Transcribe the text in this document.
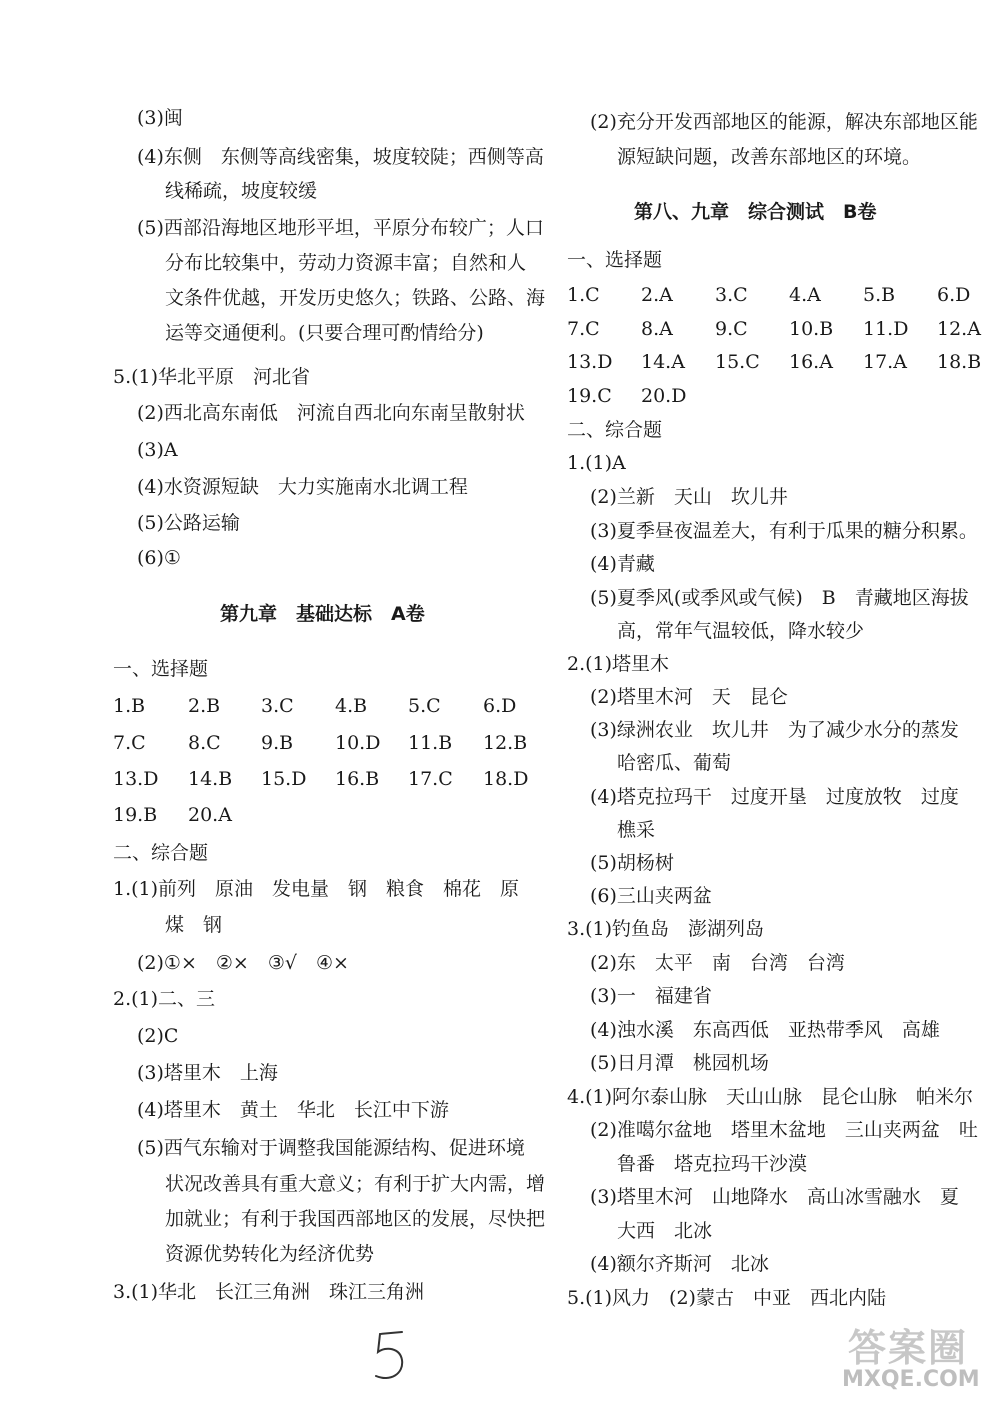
(3)闽
(4)东侧　东侧等高线密集，坡度较陡；西侧等高
线稀疏，坡度较缓
(5)西部沿海地区地形平坦，平原分布较广；人口
分布比较集中，劳动力资源丰富；自然和人
文条件优越，开发历史悠久；铁路、公路、海
运等交通便利。(只要合理可酌情给分)
5.(1)华北平原　河北省
(2)西北高东南低　河流自西北向东南呈散射状
(3)A
(4)水资源短缺　大力实施南水北调工程
(5)公路运输
(6)①
第九章　基础达标　A卷
一、选择题
1.B 2.B 3.C 4.B 5.C 6.D
7.C 8.C 9.B 10.D 11.B 12.B
13.D 14.B 15.D 16.B 17.C 18.D
19.B 20.A
二、综合题
1.(1)前列　原油　发电量　钢　粮食　棉花　原
煤　钢
(2)①×　②×　③√　④×
2.(1)二、三
(2)C
(3)塔里木　上海
(4)塔里木　黄土　华北　长江中下游
(5)西气东输对于调整我国能源结构、促进环境
状况改善具有重大意义；有利于扩大内需，增
加就业；有利于我国西部地区的发展，尽快把
资源优势转化为经济优势
3.(1)华北　长江三角洲　珠江三角洲
(2)充分开发西部地区的能源，解决东部地区能
源短缺问题，改善东部地区的环境。
第八、九章　综合测试　B卷
一、选择题
1.C 2.A 3.C 4.A 5.B 6.D
7.C 8.A 9.C 10.B 11.D 12.A
13.D 14.A 15.C 16.A 17.A 18.B
19.C 20.D
二、综合题
1.(1)A
(2)兰新　天山　坎儿井
(3)夏季昼夜温差大，有利于瓜果的糖分积累。
(4)青藏
(5)夏季风(或季风或气候)　B　青藏地区海拔
高，常年气温较低，降水较少
2.(1)塔里木
(2)塔里木河　天　昆仑
(3)绿洲农业　坎儿井　为了减少水分的蒸发
哈密瓜、葡萄
(4)塔克拉玛干　过度开垦　过度放牧　过度
樵采
(5)胡杨树
(6)三山夹两盆
3.(1)钓鱼岛　澎湖列岛
(2)东　太平　南　台湾　台湾
(3)一　福建省
(4)浊水溪　东高西低　亚热带季风　高雄
(5)日月潭　桃园机场
4.(1)阿尔泰山脉　天山山脉　昆仑山脉　帕米尔
(2)准噶尔盆地　塔里木盆地　三山夹两盆　吐
鲁番　塔克拉玛干沙漠
(3)塔里木河　山地降水　高山冰雪融水　夏
大西　北冰
(4)额尔齐斯河　北冰
5.(1)风力　(2)蒙古　中亚　西北内陆
答案圈
MXQE.COM
